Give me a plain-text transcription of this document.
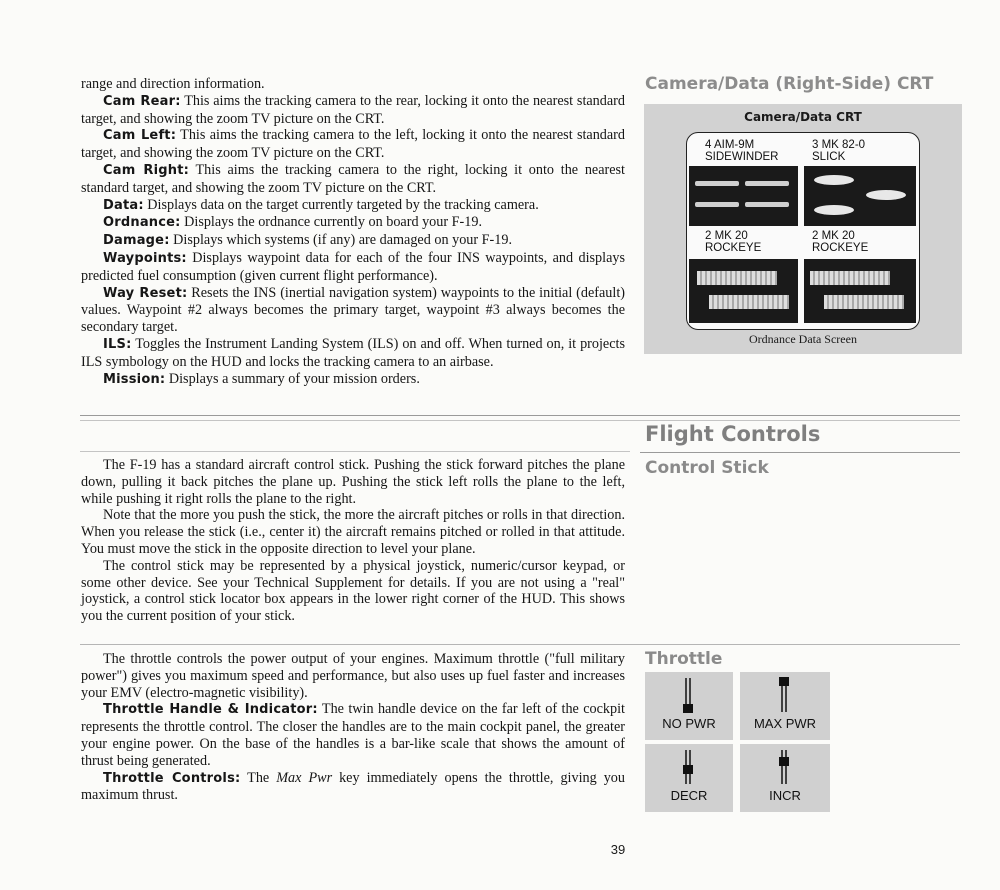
range and direction information.

Cam Rear: This aims the tracking camera to the rear, locking it onto the nearest standard target, and showing the zoom TV picture on the CRT.

Cam Left: This aims the tracking camera to the left, locking it onto the nearest standard target, and showing the zoom TV picture on the CRT.

Cam Right: This aims the tracking camera to the right, locking it onto the nearest standard target, and showing the zoom TV picture on the CRT.

Data: Displays data on the target currently targeted by the tracking camera.

Ordnance: Displays the ordnance currently on board your F-19.

Damage: Displays which systems (if any) are damaged on your F-19.

Waypoints: Displays waypoint data for each of the four INS waypoints, and displays predicted fuel consumption (given current flight performance).

Way Reset: Resets the INS (inertial navigation system) waypoints to the initial (default) values. Waypoint #2 always becomes the primary target, waypoint #3 always becomes the secondary target.

ILS: Toggles the Instrument Landing System (ILS) on and off. When turned on, it projects ILS symbology on the HUD and locks the tracking camera to an airbase.

Mission: Displays a summary of your mission orders.

The F-19 has a standard aircraft control stick. Pushing the stick forward pitches the plane down, pulling it back pitches the plane up. Pushing the stick left rolls the plane to the left, while pushing it right rolls the plane to the right.

Note that the more you push the stick, the more the aircraft pitches or rolls in that direction. When you release the stick (i.e., center it) the aircraft remains pitched or rolled in that attitude. You must move the stick in the opposite direction to level your plane.

The control stick may be represented by a physical joystick, numeric/cursor keypad, or some other device. See your Technical Supplement for details. If you are not using a "real" joystick, a control stick locator box appears in the lower right corner of the HUD. This shows you the current position of your stick.

The throttle controls the power output of your engines. Maximum throttle ("full military power") gives you maximum speed and performance, but also uses up fuel faster and increases your EMV (electro-magnetic visibility).

Throttle Handle & Indicator: The twin handle device on the far left of the cockpit represents the throttle control. The closer the handles are to the main cockpit panel, the greater your engine power. On the base of the handles is a bar-like scale that shows the amount of thrust being generated.

Throttle Controls: The Max Pwr key immediately opens the throttle, giving you maximum thrust.

Camera/Data (Right-Side) CRT
Camera/Data CRT
4 AIM-9M
SIDEWINDER
3 MK 82-0
SLICK
2 MK 20
ROCKEYE
2 MK 20
ROCKEYE
Ordnance Data Screen
Flight Controls
Control Stick
Throttle
NO PWR	MAX PWR
DECR	INCR
39
